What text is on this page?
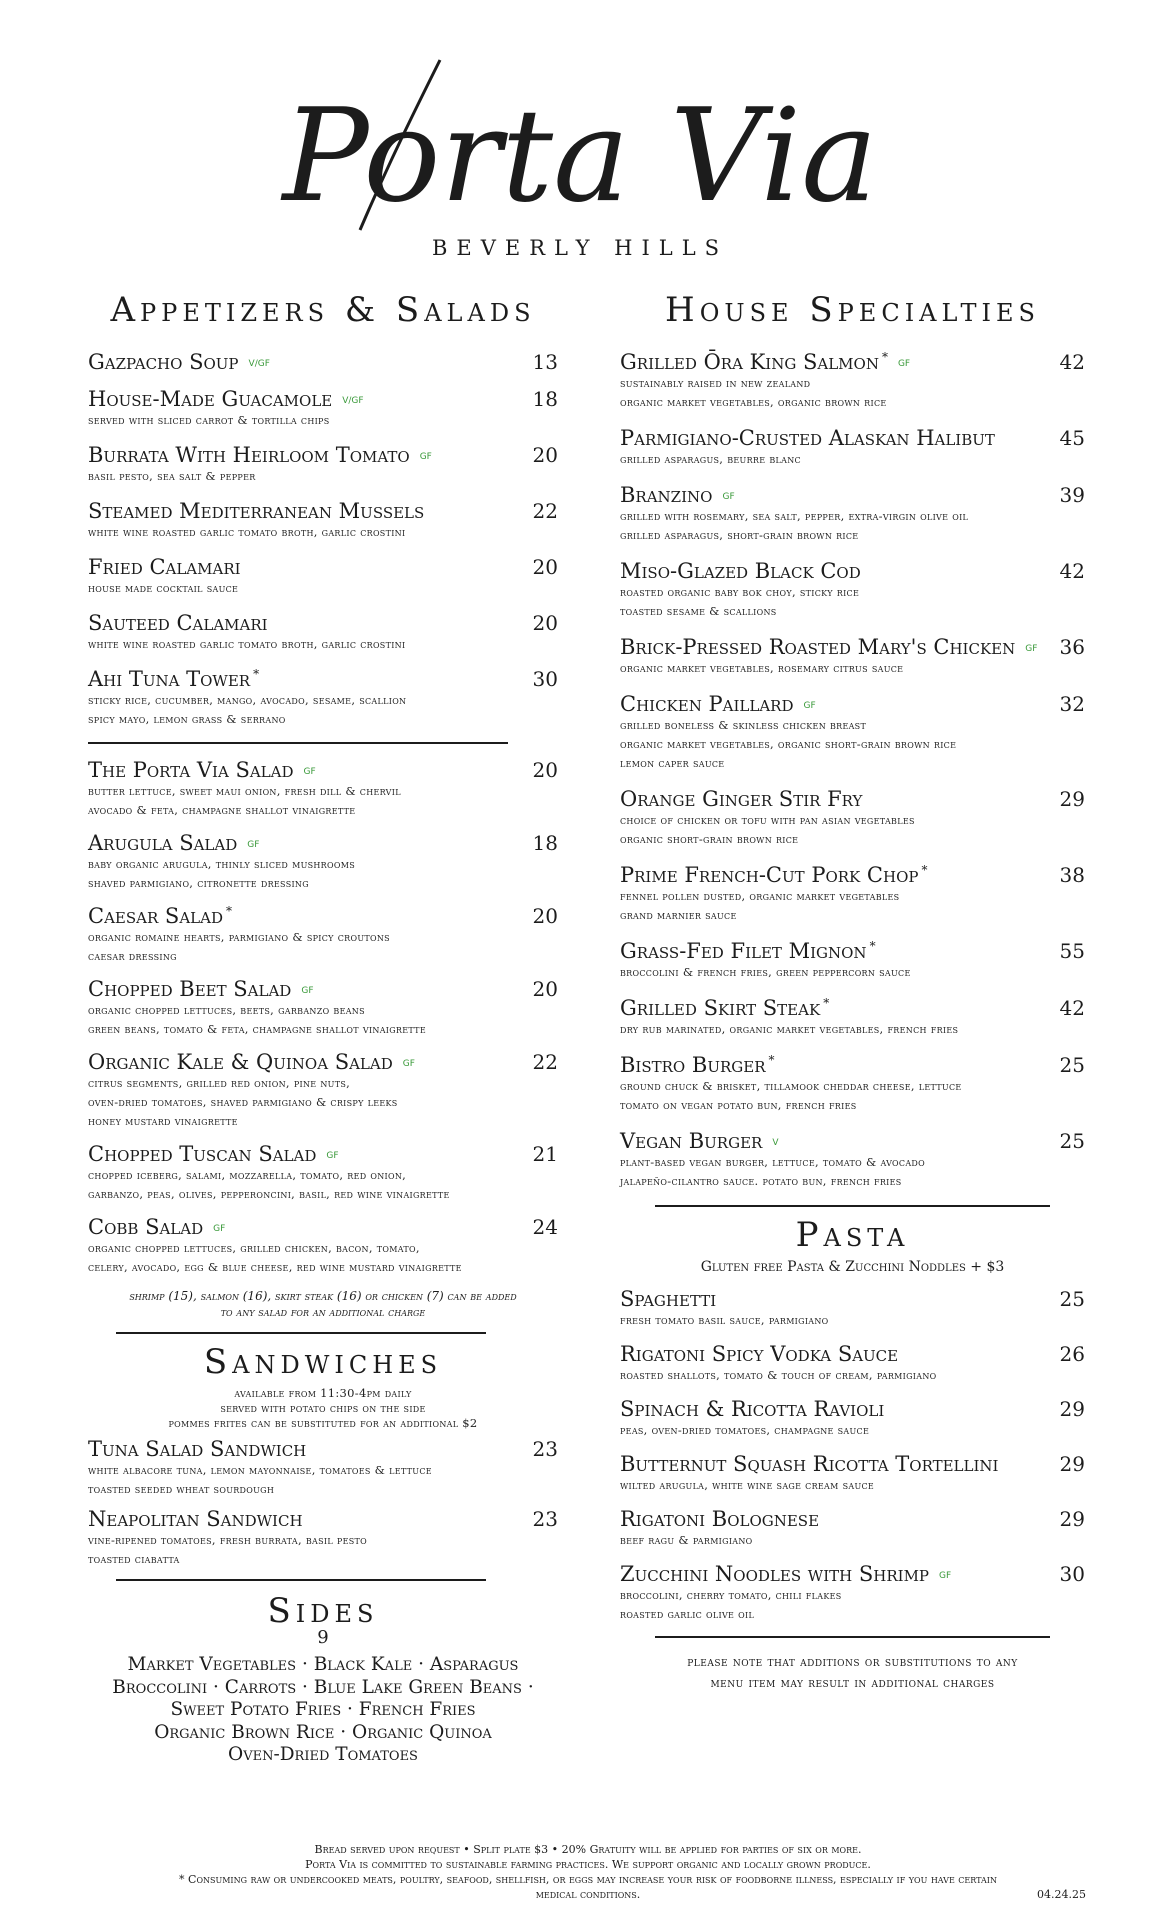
Porta Via
BEVERLY HILLS
Appetizers & Salads
Gazpacho Soup V/GF	13
House-Made Guacamole V/GF	18
served with sliced carrot & tortilla chips
Burrata With Heirloom Tomato GF	20
basil pesto, sea salt & pepper
Steamed Mediterranean Mussels	22
white wine roasted garlic tomato broth, garlic crostini
Fried Calamari	20
house made cocktail sauce
Sauteed Calamari	20
white wine roasted garlic tomato broth, garlic crostini
Ahi Tuna Tower *	30
sticky rice, cucumber, mango, avocado, sesame, scallion
spicy mayo, lemon grass & serrano
The Porta Via Salad GF	20
butter lettuce, sweet maui onion, fresh dill & chervil
avocado & feta, champagne shallot vinaigrette
Arugula Salad GF	18
baby organic arugula, thinly sliced mushrooms
shaved parmigiano, citronette dressing
Caesar Salad *	20
organic romaine hearts, parmigiano & spicy croutons
caesar dressing
Chopped Beet Salad GF	20
organic chopped lettuces, beets, garbanzo beans
green beans, tomato & feta, champagne shallot vinaigrette
Organic Kale & Quinoa Salad GF	22
citrus segments, grilled red onion, pine nuts,
oven-dried tomatoes, shaved parmigiano & crispy leeks
honey mustard vinaigrette
Chopped Tuscan Salad GF	21
chopped iceberg, salami, mozzarella, tomato, red onion,
garbanzo, peas, olives, pepperoncini, basil, red wine vinaigrette
Cobb Salad GF	24
organic chopped lettuces, grilled chicken, bacon, tomato,
celery, avocado, egg & blue cheese, red wine mustard vinaigrette
shrimp (15), salmon (16), skirt steak (16) or chicken (7) can be added
to any salad for an additional charge
Sandwiches
available from 11:30-4pm daily
served with potato chips on the side
pommes frites can be substituted for an additional $2
Tuna Salad Sandwich	23
white albacore tuna, lemon mayonnaise, tomatoes & lettuce
toasted seeded wheat sourdough
Neapolitan Sandwich	23
vine-ripened tomatoes, fresh burrata, basil pesto
toasted ciabatta
Sides
9
Market Vegetables · Black Kale · Asparagus
Broccolini · Carrots · Blue Lake Green Beans ·
Sweet Potato Fries · French Fries
Organic Brown Rice · Organic Quinoa
Oven-Dried Tomatoes
House Specialties
Grilled Ōra King Salmon * GF	42
sustainably raised in new zealand
organic market vegetables, organic brown rice
Parmigiano-Crusted Alaskan Halibut	45
grilled asparagus, beurre blanc
Branzino GF	39
grilled with rosemary, sea salt, pepper, extra-virgin olive oil
grilled asparagus, short-grain brown rice
Miso-Glazed Black Cod	42
roasted organic baby bok choy, sticky rice
toasted sesame & scallions
Brick-Pressed Roasted Mary's Chicken GF	36
organic market vegetables, rosemary citrus sauce
Chicken Paillard GF	32
grilled boneless & skinless chicken breast
organic market vegetables, organic short-grain brown rice
lemon caper sauce
Orange Ginger Stir Fry	29
choice of chicken or tofu with pan asian vegetables
organic short-grain brown rice
Prime French-Cut Pork Chop *	38
fennel pollen dusted, organic market vegetables
grand marnier sauce
Grass-Fed Filet Mignon *	55
broccolini & french fries, green peppercorn sauce
Grilled Skirt Steak *	42
dry rub marinated, organic market vegetables, french fries
Bistro Burger *	25
ground chuck & brisket, tillamook cheddar cheese, lettuce
tomato on vegan potato bun, french fries
Vegan Burger V	25
plant-based vegan burger, lettuce, tomato & avocado
jalapeño-cilantro sauce. potato bun, french fries
Pasta
Gluten free Pasta & Zucchini Noddles + $3
Spaghetti	25
fresh tomato basil sauce, parmigiano
Rigatoni Spicy Vodka Sauce	26
roasted shallots, tomato & touch of cream, parmigiano
Spinach & Ricotta Ravioli	29
peas, oven-dried tomatoes, champagne sauce
Butternut Squash Ricotta Tortellini	29
wilted arugula, white wine sage cream sauce
Rigatoni Bolognese	29
beef ragu & parmigiano
Zucchini Noodles with Shrimp GF	30
broccolini, cherry tomato, chili flakes
roasted garlic olive oil
please note that additions or substitutions to any
menu item may result in additional charges
Bread served upon request • Split plate $3 • 20% Gratuity will be applied for parties of six or more.
Porta Via is committed to sustainable farming practices. We support organic and locally grown produce.
* Consuming raw or undercooked meats, poultry, seafood, shellfish, or eggs may increase your risk of foodborne illness, especially if you have certain
medical conditions.	04.24.25
